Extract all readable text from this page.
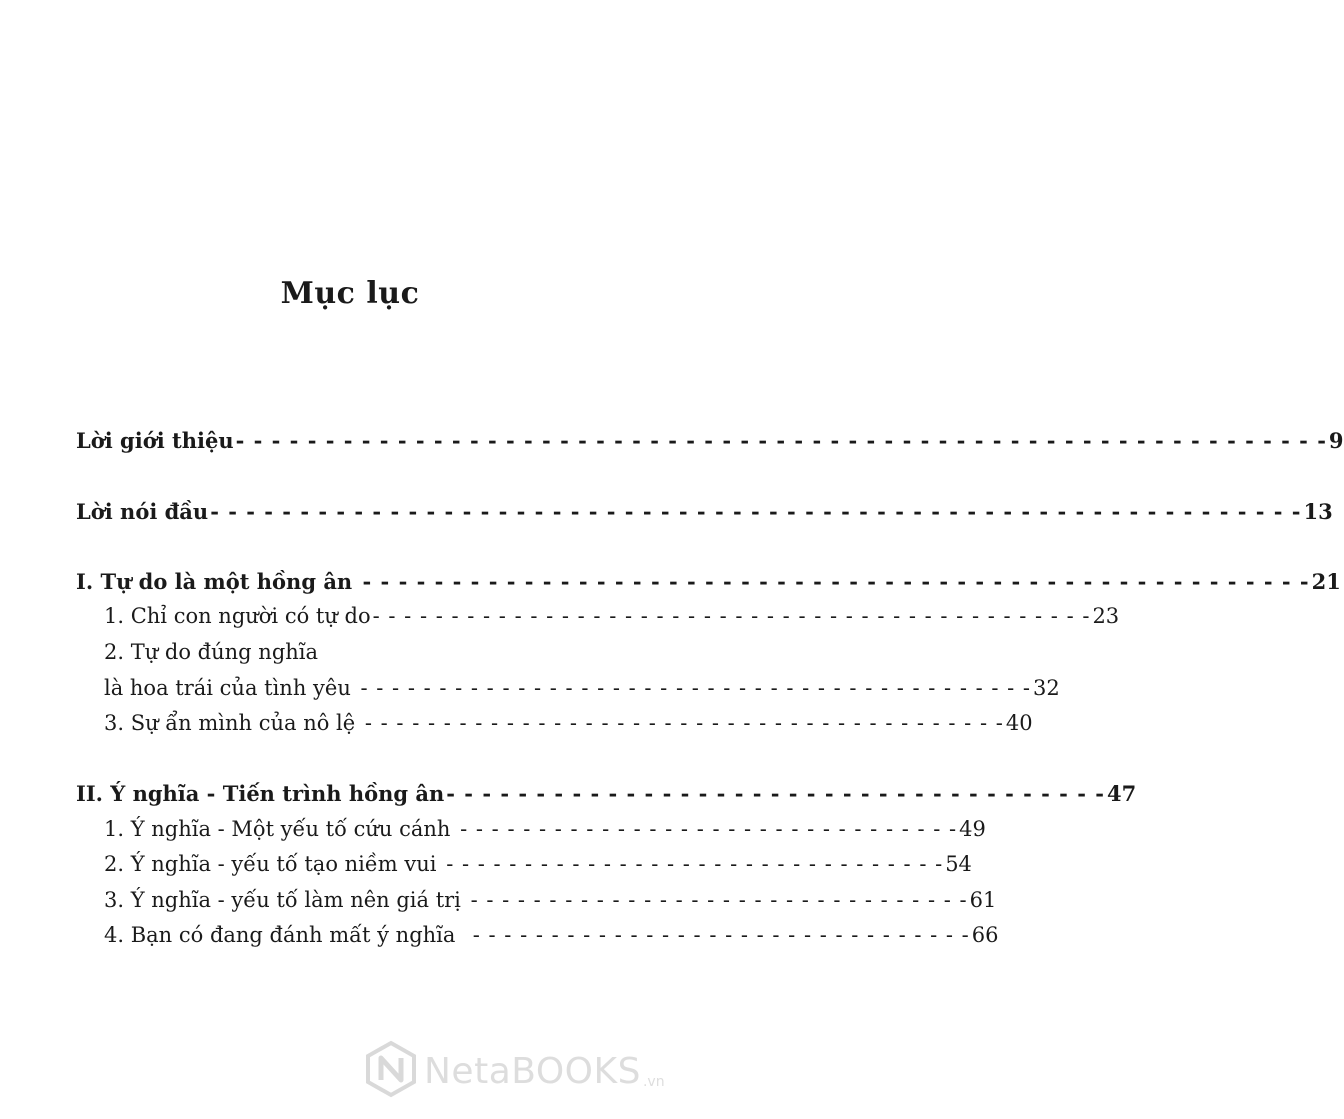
Mục lục
Lời giới thiệu - - - - - - - - - - - - - - - - - - - - - - - - - - - - - - - - - - - - - - - - - - - - - - - - - - - - - - - - - - - - - 9
Lời nói đầu - - - - - - - - - - - - - - - - - - - - - - - - - - - - - - - - - - - - - - - - - - - - - - - - - - - - - - - - - - - - - 13
I. Tự do là một hồng ân - - - - - - - - - - - - - - - - - - - - - - - - - - - - - - - - - - - - - - - - - - - - - - - - - - - - - 21
1. Chỉ con người có tự do - - - - - - - - - - - - - - - - - - - - - - - - - - - - - - - - - - - - - - - - - - - - - - 23
2. Tự do đúng nghĩa
là hoa trái của tình yêu - - - - - - - - - - - - - - - - - - - - - - - - - - - - - - - - - - - - - - - - - - - 32
3. Sự ẩn mình của nô lệ - - - - - - - - - - - - - - - - - - - - - - - - - - - - - - - - - - - - - - - - - 40
II. Ý nghĩa - Tiến trình hồng ân - - - - - - - - - - - - - - - - - - - - - - - - - - - - - - - - - - - - - 47
1. Ý nghĩa - Một yếu tố cứu cánh - - - - - - - - - - - - - - - - - - - - - - - - - - - - - - - - 49
2. Ý nghĩa - yếu tố tạo niềm vui - - - - - - - - - - - - - - - - - - - - - - - - - - - - - - - - 54
3. Ý nghĩa - yếu tố làm nên giá trị - - - - - - - - - - - - - - - - - - - - - - - - - - - - - - - - 61
4. Bạn có đang đánh mất ý nghĩa - - - - - - - - - - - - - - - - - - - - - - - - - - - - - - - - 66
NetaBOOKS .vn
